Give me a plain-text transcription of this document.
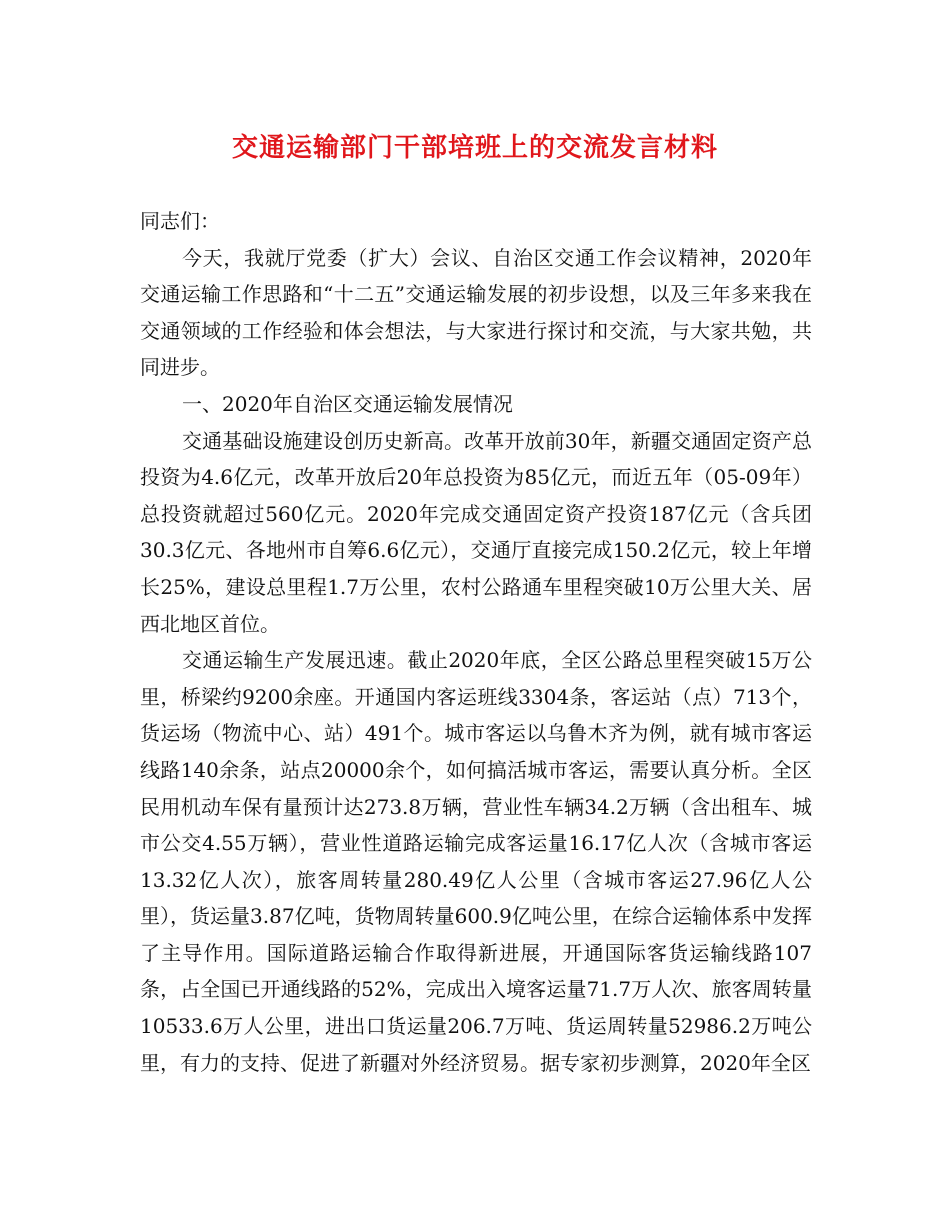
交通运输部门干部培班上的交流发言材料

同志们：

今天，我就厅党委（扩大）会议、自治区交通工作会议精神，2020年交通运输工作思路和“十二五”交通运输发展的初步设想，以及三年多来我在交通领域的工作经验和体会想法，与大家进行探讨和交流，与大家共勉，共同进步。

一、2020年自治区交通运输发展情况

交通基础设施建设创历史新高。改革开放前30年，新疆交通固定资产总投资为4.6亿元，改革开放后20年总投资为85亿元，而近五年（05-09年）总投资就超过560亿元。2020年完成交通固定资产投资187亿元（含兵团30.3亿元、各地州市自筹6.6亿元），交通厅直接完成150.2亿元，较上年增长25%，建设总里程1.7万公里，农村公路通车里程突破10万公里大关、居西北地区首位。

交通运输生产发展迅速。截止2020年底，全区公路总里程突破15万公里，桥梁约9200余座。开通国内客运班线3304条，客运站（点）713个，货运场（物流中心、站）491个。城市客运以乌鲁木齐为例，就有城市客运线路140余条，站点20000余个，如何搞活城市客运，需要认真分析。全区民用机动车保有量预计达273.8万辆，营业性车辆34.2万辆（含出租车、城市公交4.55万辆），营业性道路运输完成客运量16.17亿人次（含城市客运13.32亿人次），旅客周转量280.49亿人公里（含城市客运27.96亿人公里），货运量3.87亿吨，货物周转量600.9亿吨公里，在综合运输体系中发挥了主导作用。国际道路运输合作取得新进展，开通国际客货运输线路107条，占全国已开通线路的52%，完成出入境客运量71.7万人次、旅客周转量10533.6万人公里，进出口货运量206.7万吨、货运周转量52986.2万吨公里，有力的支持、促进了新疆对外经济贸易。据专家初步测算，2020年全区
